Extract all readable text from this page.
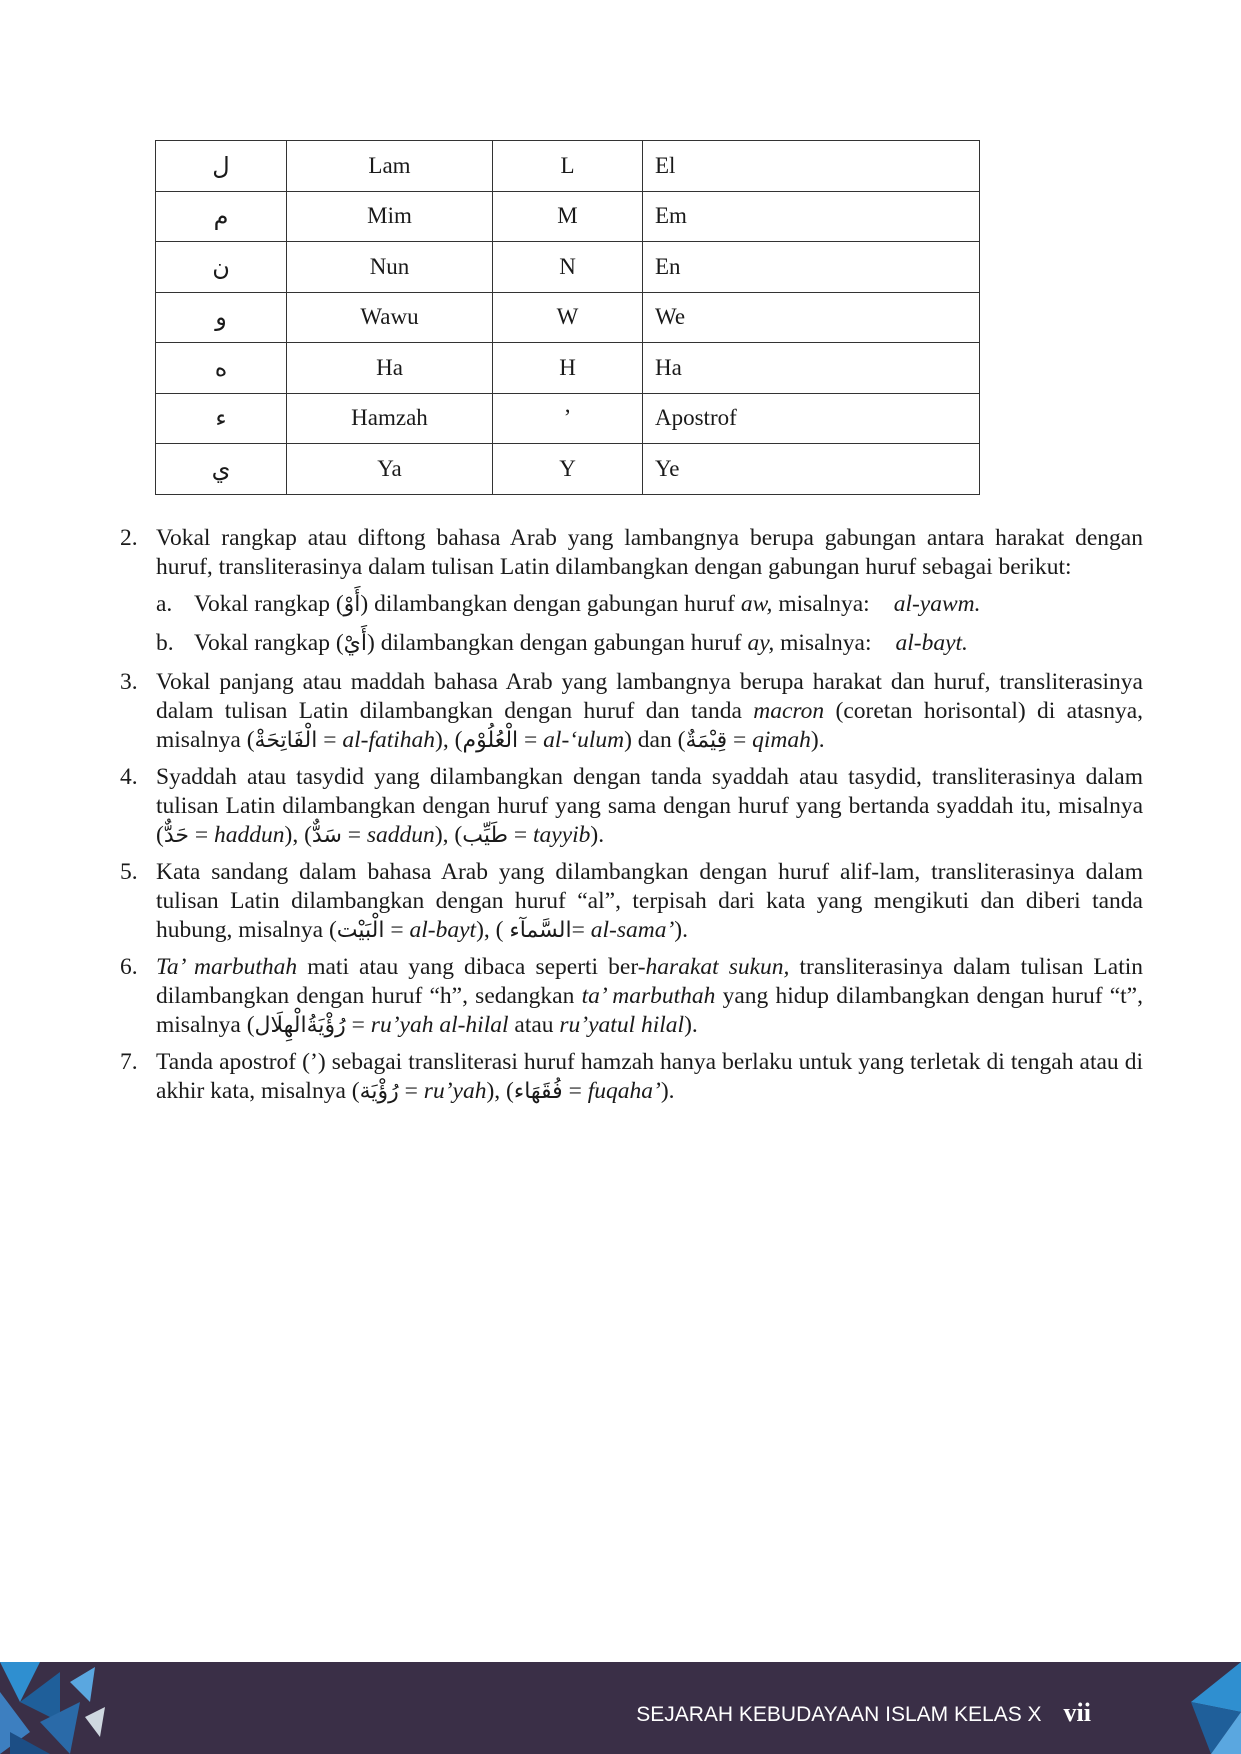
ل	Lam	L	El
م	Mim	M	Em
ن	Nun	N	En
و	Wawu	W	We
ه	Ha	H	Ha
ء	Hamzah	’	Apostrof
ي	Ya	Y	Ye
2. Vokal rangkap atau diftong bahasa Arab yang lambangnya berupa gabungan antara harakat dengan huruf, transliterasinya dalam tulisan Latin dilambangkan dengan gabungan huruf sebagai berikut:

a. Vokal rangkap (أَوْ) dilambangkan dengan gabungan huruf aw, misalnya: al-yawm.
b. Vokal rangkap (أَيْ) dilambangkan dengan gabungan huruf ay, misalnya: al-bayt.
3. Vokal panjang atau maddah bahasa Arab yang lambangnya berupa harakat dan huruf, transliterasinya dalam tulisan Latin dilambangkan dengan huruf dan tanda macron (coretan horisontal) di atasnya, misalnya (الْفَاتِحَةْ = al-fatihah), (الْعُلُوْم = al-‘ulum) dan (قِيْمَةٌ = qimah).

4. Syaddah atau tasydid yang dilambangkan dengan tanda syaddah atau tasydid, transliterasinya dalam tulisan Latin dilambangkan dengan huruf yang sama dengan huruf yang bertanda syaddah itu, misalnya (حَدٌّ = haddun), (سَدٌّ = saddun), (طَيِّب = tayyib).

5. Kata sandang dalam bahasa Arab yang dilambangkan dengan huruf alif-lam, transliterasinya dalam tulisan Latin dilambangkan dengan huruf “al”, terpisah dari kata yang mengikuti dan diberi tanda hubung, misalnya (الْبَيْت = al-bayt), ( السَّمآء= al-sama’).

6. Ta’ marbuthah mati atau yang dibaca seperti ber-harakat sukun, transliterasinya dalam tulisan Latin dilambangkan dengan huruf “h”, sedangkan ta’ marbuthah yang hidup dilambangkan dengan huruf “t”, misalnya (رُؤْيَةُالْهِلَال = ru’yah al-hilal atau ru’yatul hilal).

7. Tanda apostrof (’) sebagai transliterasi huruf hamzah hanya berlaku untuk yang terletak di tengah atau di akhir kata, misalnya (رُؤْيَة = ru’yah), (فُقَهَاء = fuqaha’).

SEJARAH KEBUDAYAAN ISLAM KELAS X vii
